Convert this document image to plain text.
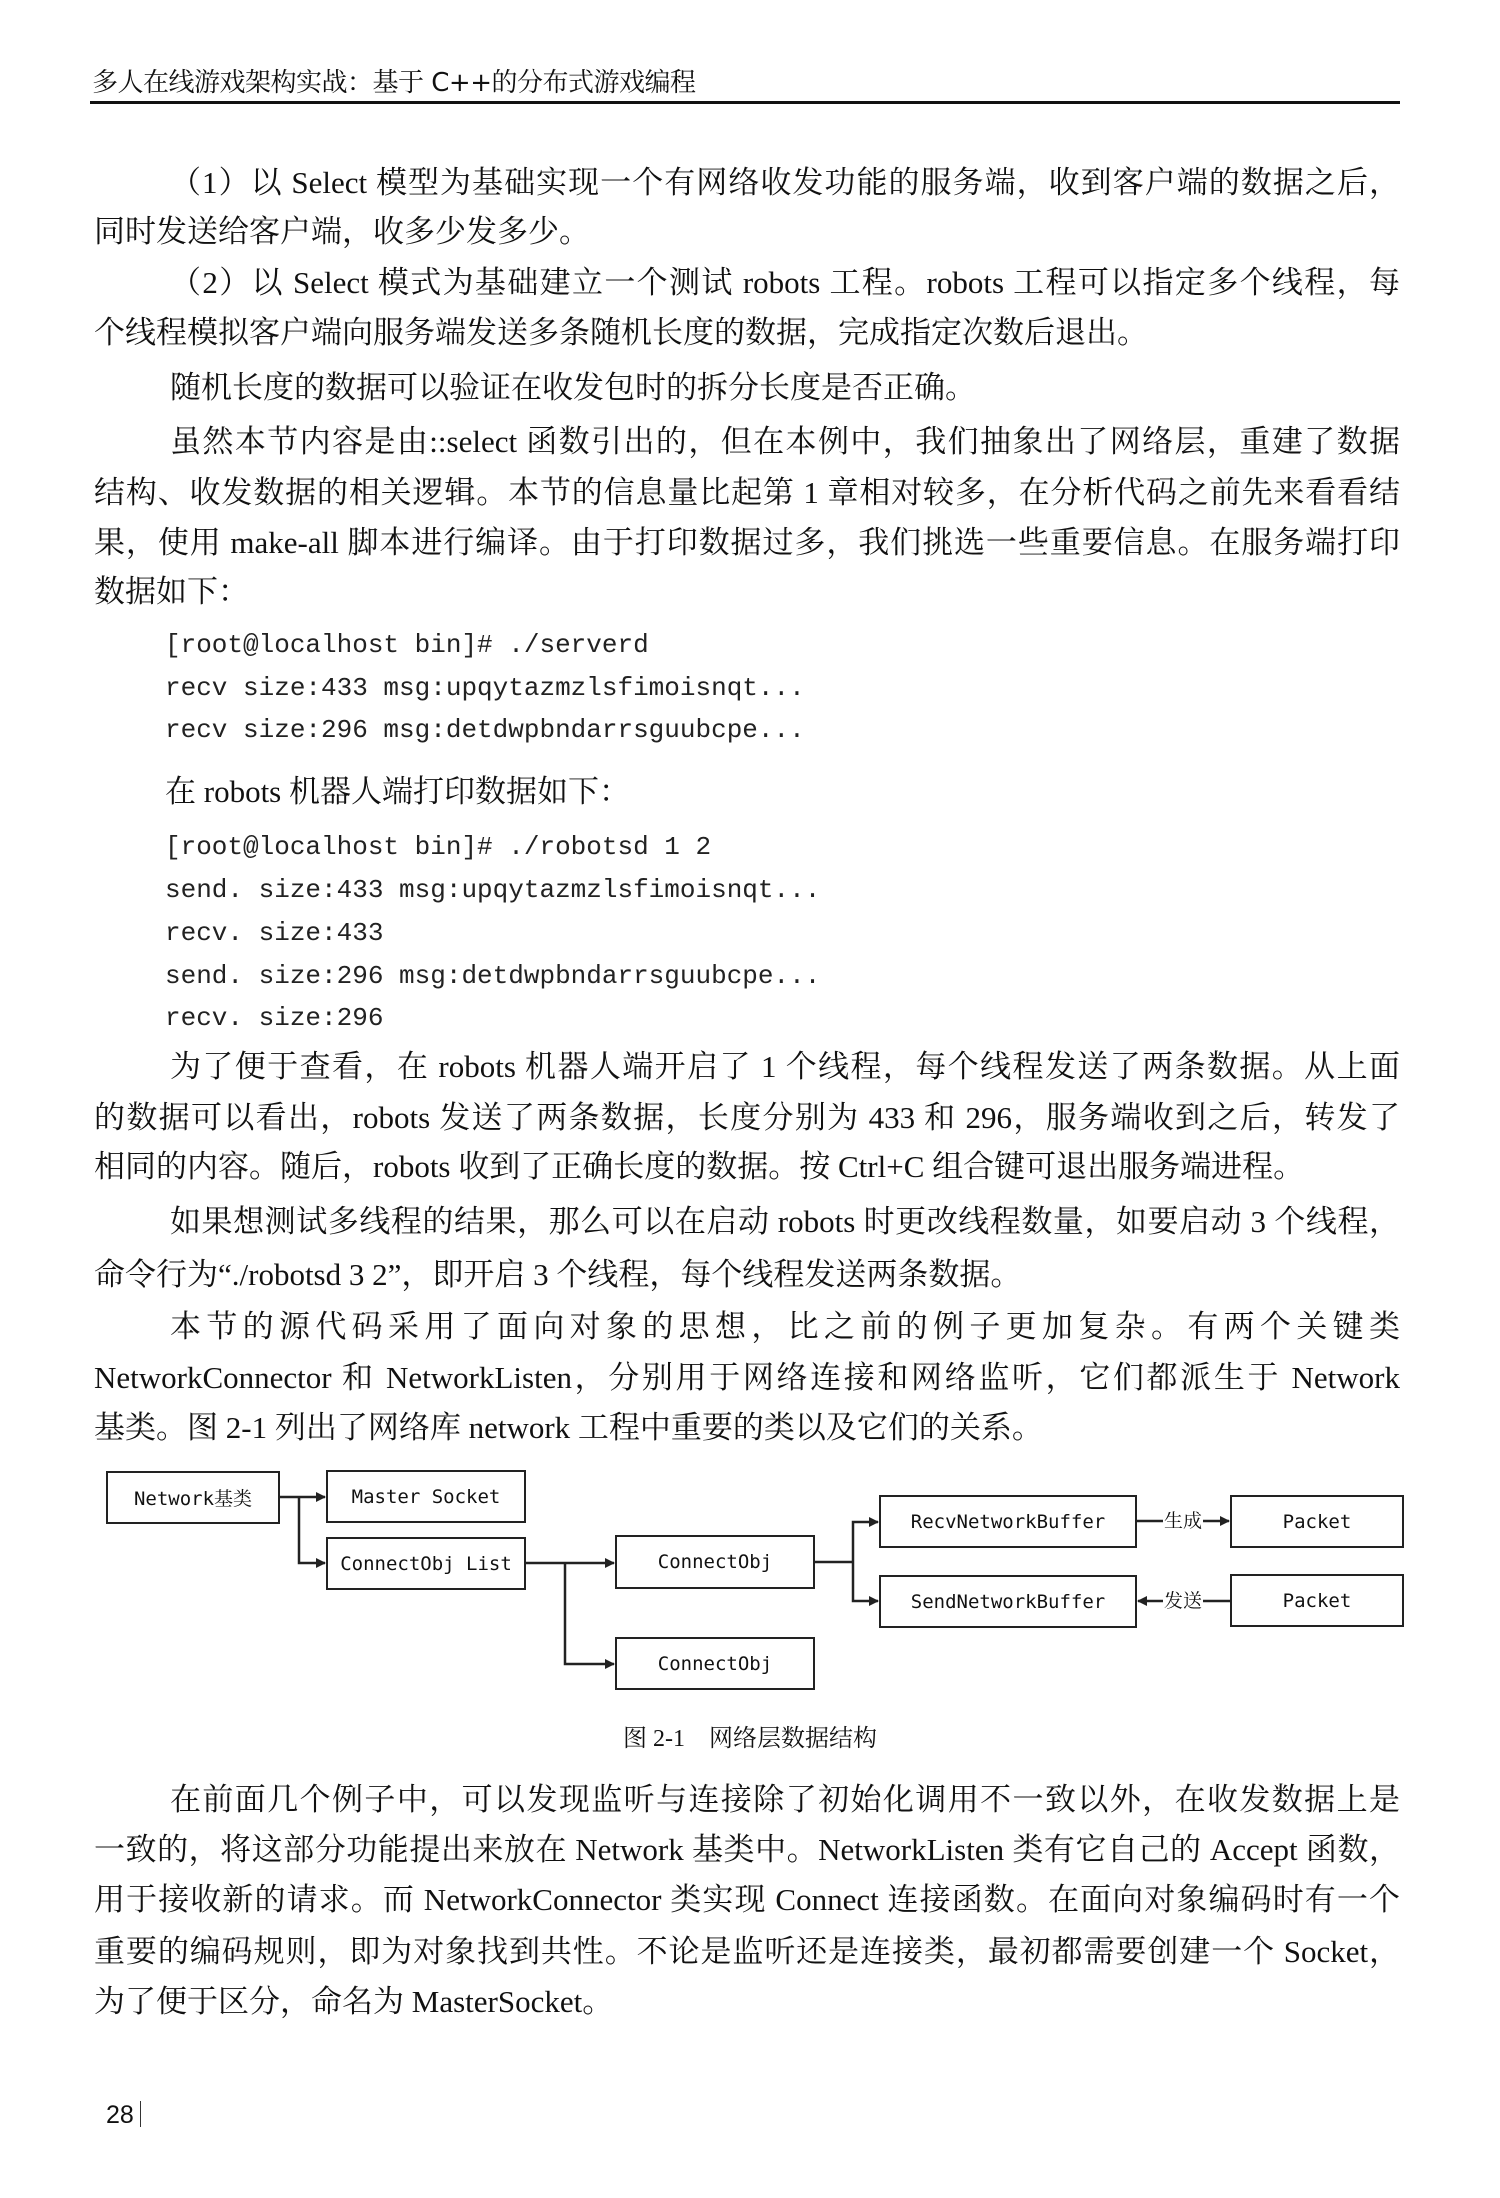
多人在线游戏架构实战：基于 C++的分布式游戏编程
（1）以 Select 模型为基础实现一个有网络收发功能的服务端，收到客户端的数据之后，
同时发送给客户端，收多少发多少。
（2）以 Select 模式为基础建立一个测试 robots 工程。robots 工程可以指定多个线程，每
个线程模拟客户端向服务端发送多条随机长度的数据，完成指定次数后退出。
随机长度的数据可以验证在收发包时的拆分长度是否正确。
虽然本节内容是由::select 函数引出的，但在本例中，我们抽象出了网络层，重建了数据
结构、收发数据的相关逻辑。本节的信息量比起第 1 章相对较多，在分析代码之前先来看看结
果，使用 make-all 脚本进行编译。由于打印数据过多，我们挑选一些重要信息。在服务端打印
数据如下：
[root@localhost bin]# ./serverd
recv size:433 msg:upqytazmzlsfimoisnqt...
recv size:296 msg:detdwpbndarrsguubcpe...
在 robots 机器人端打印数据如下：
[root@localhost bin]# ./robotsd 1 2
send. size:433 msg:upqytazmzlsfimoisnqt...
recv. size:433
send. size:296 msg:detdwpbndarrsguubcpe...
recv. size:296
为了便于查看，在 robots 机器人端开启了 1 个线程，每个线程发送了两条数据。从上面
的数据可以看出，robots 发送了两条数据，长度分别为 433 和 296，服务端收到之后，转发了
相同的内容。随后，robots 收到了正确长度的数据。按 Ctrl+C 组合键可退出服务端进程。
如果想测试多线程的结果，那么可以在启动 robots 时更改线程数量，如要启动 3 个线程，
命令行为“./robotsd 3 2”，即开启 3 个线程，每个线程发送两条数据。
本节的源代码采用了面向对象的思想，比之前的例子更加复杂。有两个关键类
NetworkConnector 和 NetworkListen，分别用于网络连接和网络监听，它们都派生于 Network
基类。图 2-1 列出了网络库 network 工程中重要的类以及它们的关系。
Network基类	Master Socket
ConnectObj List	ConnectObj
ConnectObj
RecvNetworkBuffer
SendNetworkBuffer
Packet
Packet
生成
发送
图 2-1　网络层数据结构
在前面几个例子中，可以发现监听与连接除了初始化调用不一致以外，在收发数据上是
一致的，将这部分功能提出来放在 Network 基类中。NetworkListen 类有它自己的 Accept 函数，
用于接收新的请求。而 NetworkConnector 类实现 Connect 连接函数。在面向对象编码时有一个
重要的编码规则，即为对象找到共性。不论是监听还是连接类，最初都需要创建一个 Socket，
为了便于区分，命名为 MasterSocket。
28
